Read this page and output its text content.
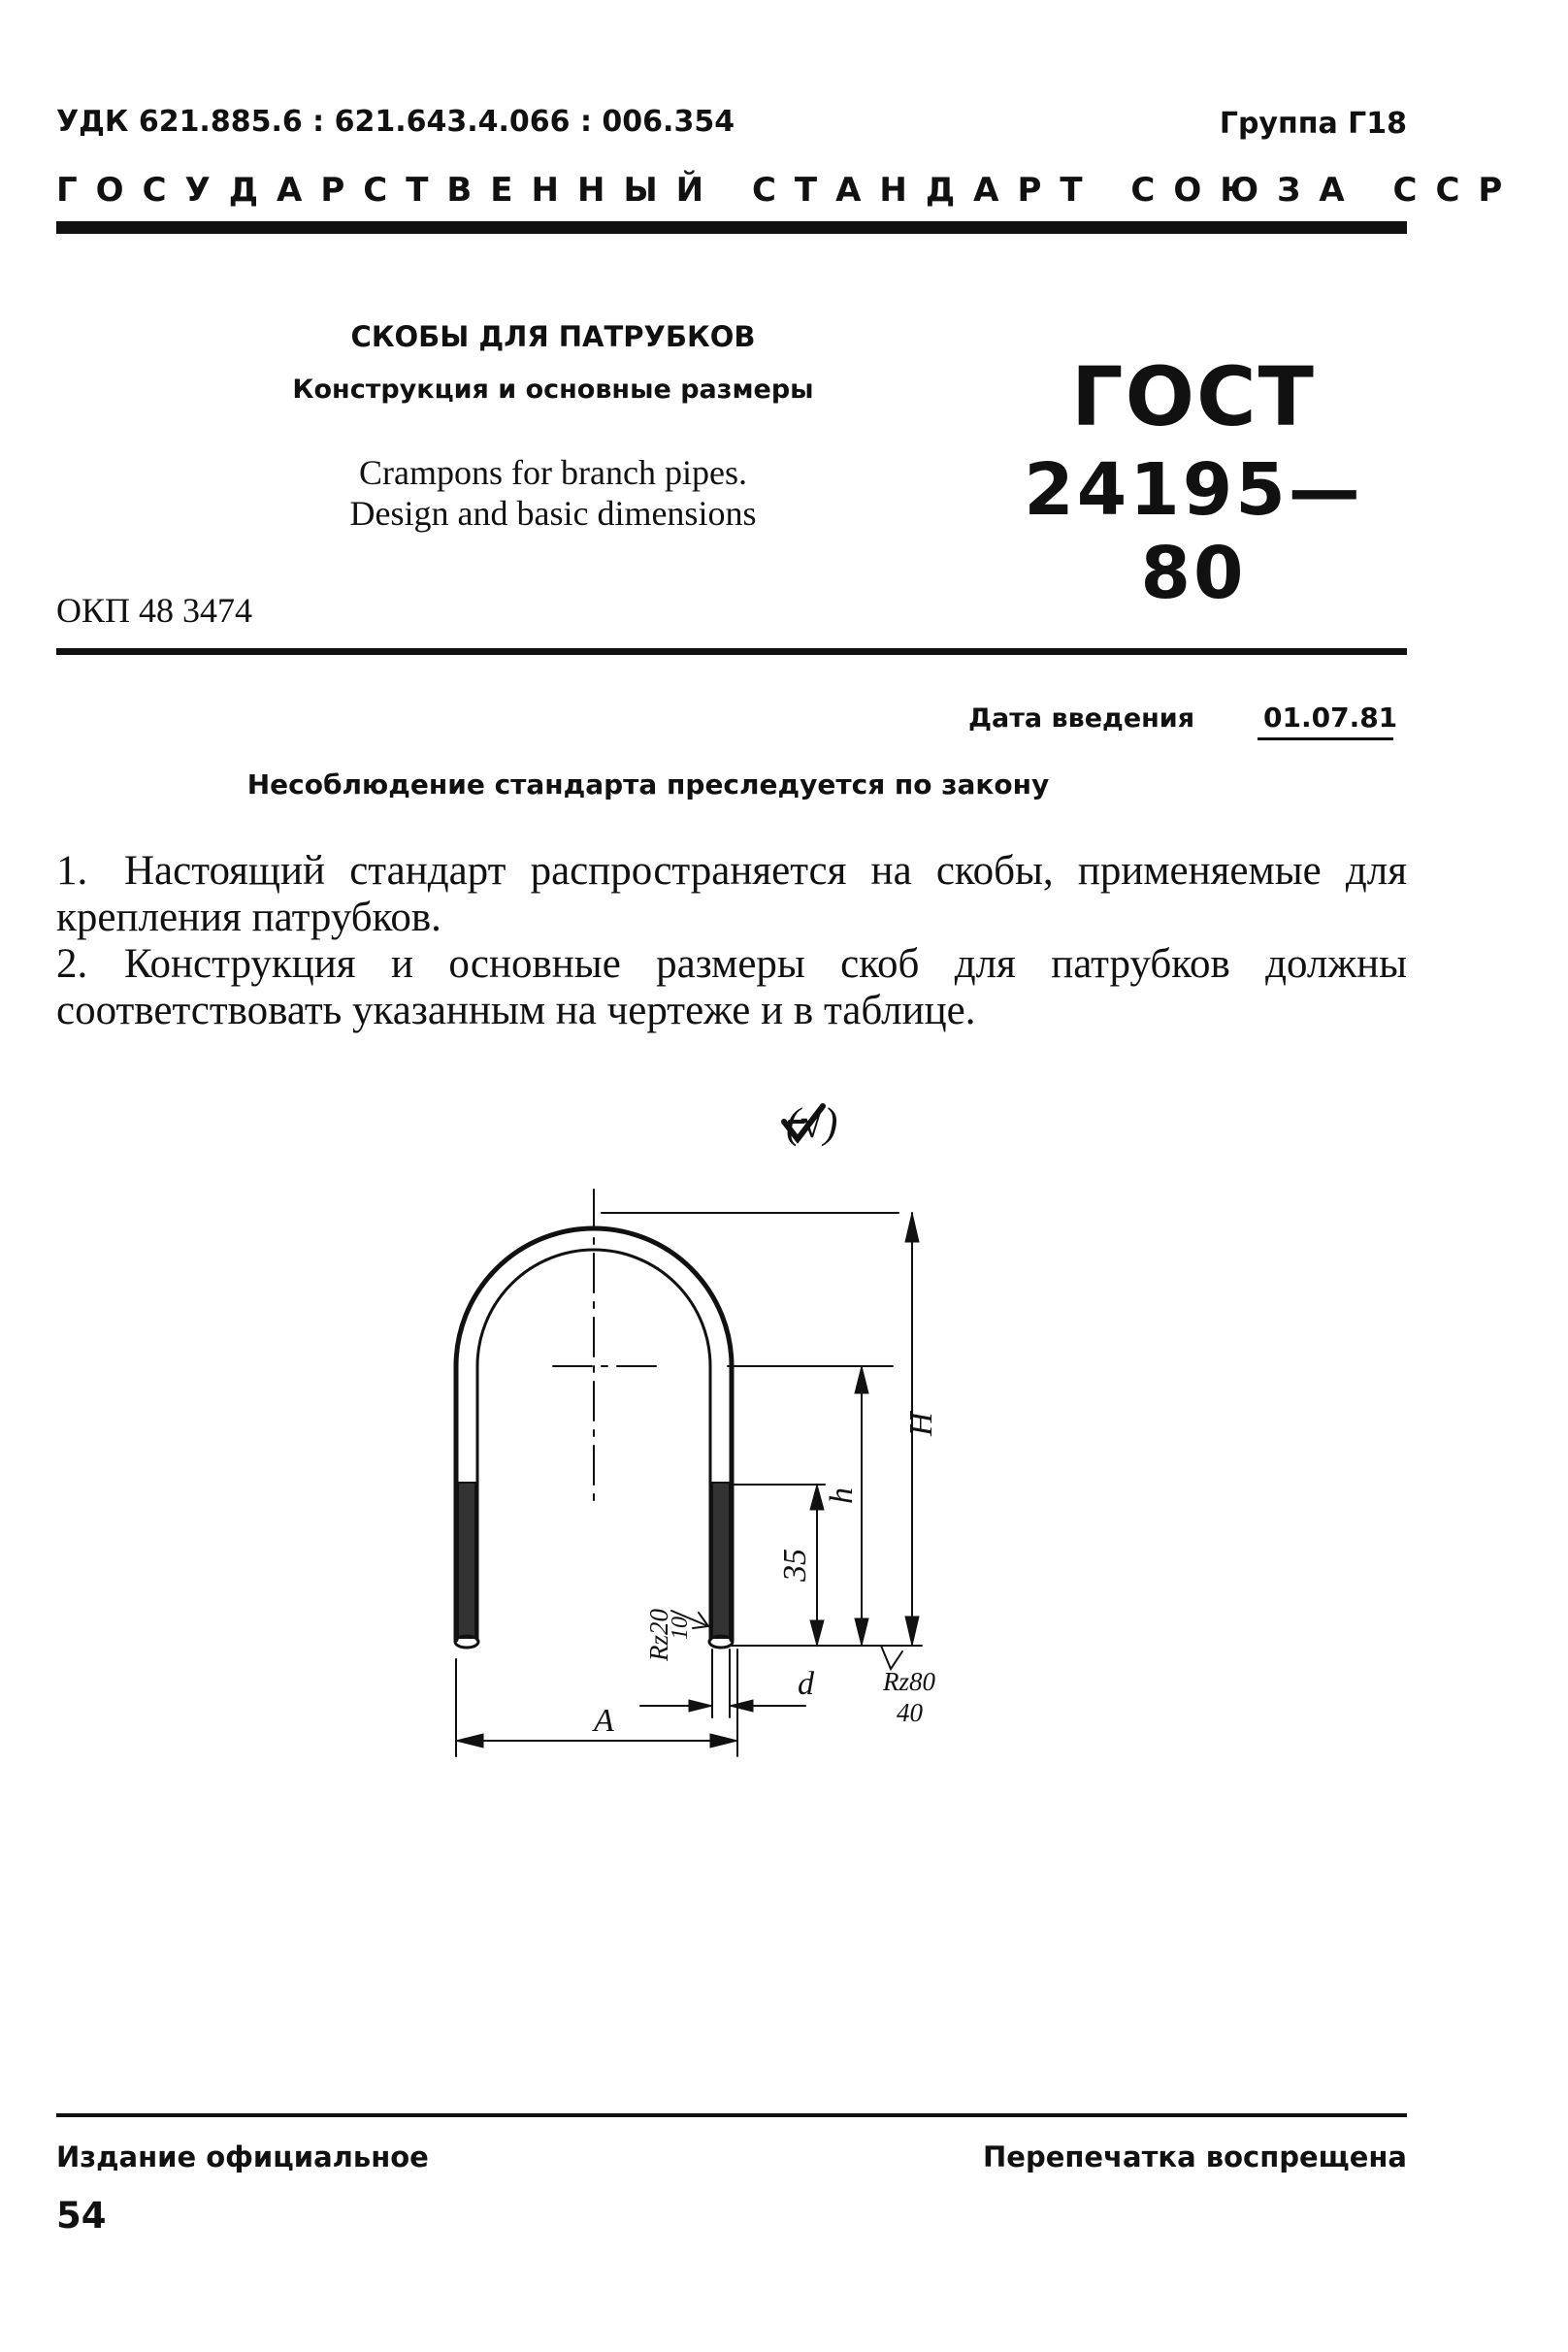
УДК 621.885.6 : 621.643.4.066 : 006.354	Группа Г18
ГОСУДАРСТВЕННЫЙ СТАНДАРТ СОЮЗА ССР
СКОБЫ ДЛЯ ПАТРУБКОВ
Конструкция и основные размеры
Crampons for branch pipes.
Design and basic dimensions
ГОСТ
24195—80
ОКП 48 3474
Дата введения	01.07.81
Несоблюдение стандарта преследуется по закону

1. Настоящий стандарт распространяется на скобы, применяемые для крепления патрубков.

2. Конструкция и основные размеры скоб для патрубков должны соответствовать указанным на чертеже и в таблице.

(√)
H
h
35
A
d
Rz20
10
Rz80
40
Издание официальное	Перепечатка воспрещена
54
